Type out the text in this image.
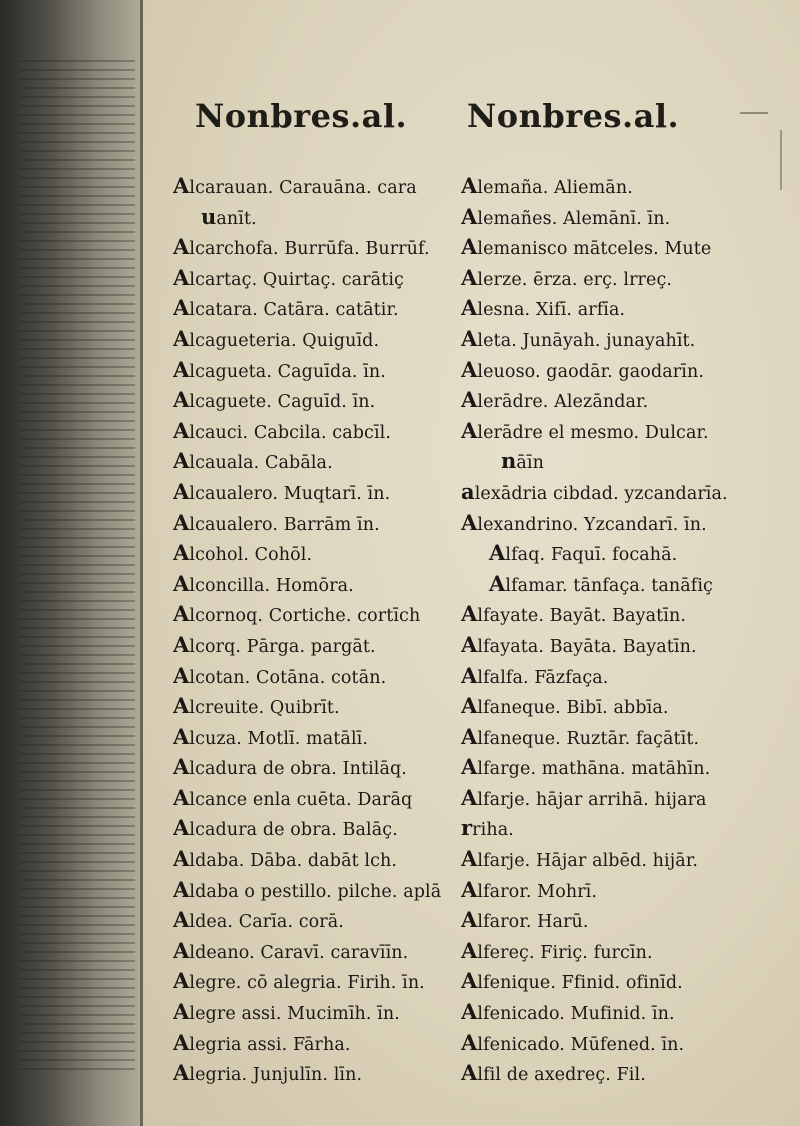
Nonbres.al.
Alcarauan. Carauāna. cara
uanīt.
Alcarchofa. Burrūfa. Burrūf.
Alcartaç. Quirtaç. carātiç
Alcatara. Catāra. catātir.
Alcagueteria. Quiguīd.
Alcagueta. Caguīda. īn.
Alcaguete. Caguīd. īn.
Alcauci. Cabcila. cabcīl.
Alcauala. Cabāla.
Alcaualero. Muqtarī. īn.
Alcaualero. Barrām īn.
Alcohol. Cohōl.
Alconcilla. Homōra.
Alcornoq. Cortiche. cortīch
Alcorq. Pārga. pargāt.
Alcotan. Cotāna. cotān.
Alcreuite. Quibrīt.
Alcuza. Motlī. matālī.
Alcadura de obra. Intilāq.
Alcance enla cuēta. Darāq
Alcadura de obra. Balāç.
Aldaba. Dāba. dabāt lch.
Aldaba o pestillo. pilche. aplā
Aldea. Carīa. corā.
Aldeano. Caravī. caravīīn.
Alegre. cō alegria. Firih. īn.
Alegre assi. Mucimīh. īn.
Alegria assi. Fārha.
Alegria. Junjulīn. līn.
Nonbres.al.
Alemaña. Aliemān.
Alemañes. Alemānī. īn.
Alemanisco mātceles. Mute
Alerze. ērza. erç. lrreç.
Alesna. Xifī. arfīa.
Aleta. Junāyah. junayahīt.
Aleuoso. gaodār. gaodarīn.
Alerādre. Alezāndar.
Alerādre el mesmo. Dulcar.
nāīn
alexādria cibdad. yzcandarīa.
Alexandrino. Yzcandarī. īn.
Alfaq. Faquī. focahā.
Alfamar. tānfaça. tanāfiç
Alfayate. Bayāt. Bayatīn.
Alfayata. Bayāta. Bayatīn.
Alfalfa. Fāzfaça.
Alfaneque. Bibī. abbīa.
Alfaneque. Ruztār. façātīt.
Alfarge. mathāna. matāhīn.
Alfarje. hājar arrihā. hijara
rriha.
Alfarje. Hājar albēd. hijār.
Alfaror. Mohrī.
Alfaror. Harū.
Alfereç. Firiç. furcīn.
Alfenique. Ffinid. ofinīd.
Alfenicado. Mufinid. īn.
Alfenicado. Mūfened. īn.
Alfil de axedreç. Fil.
